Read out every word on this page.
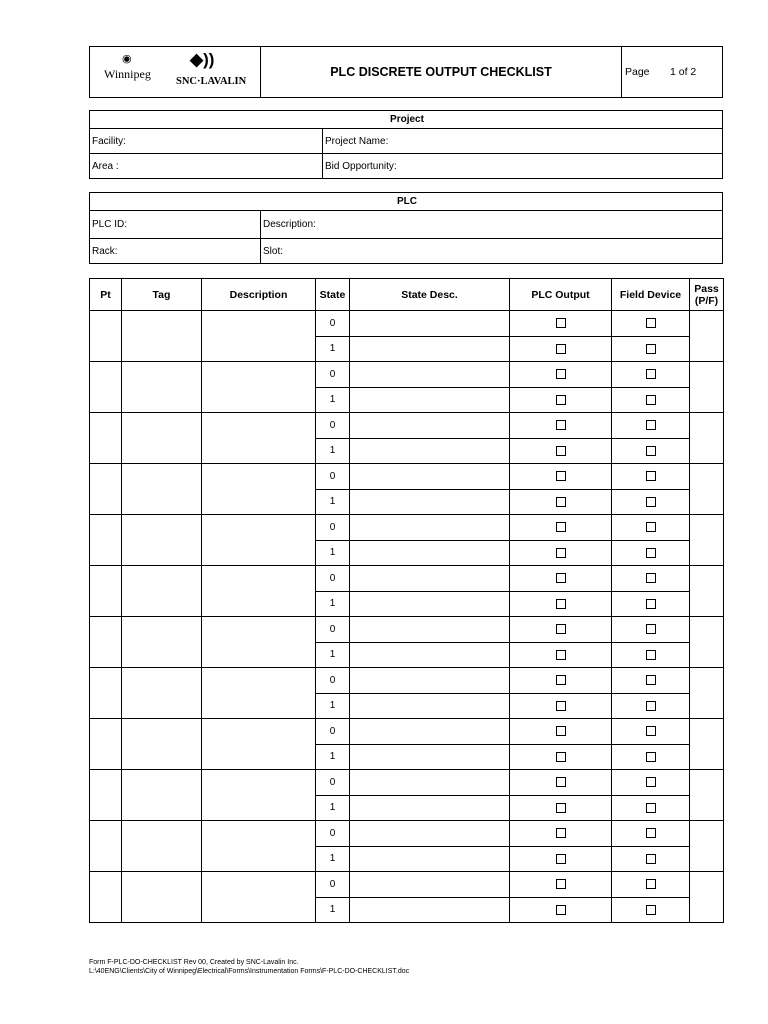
◉
Winnipeg
◆))
SNC·LAVALIN
	PLC DISCRETE OUTPUT CHECKLIST	Page 1 of 2
Project	
Facility:	Project Name:
Area :	Bid Opportunity:
PLC	
PLC ID:	Description:
Rack:	Slot:
Pt	Tag	Description	State	State Desc.	PLC Output	Field Device	Pass (P/F)
			0				
			1				
			0				
			1				
			0				
			1				
			0				
			1				
			0				
			1				
			0				
			1				
			0				
			1				
			0				
			1				
			0				
			1				
			0				
			1				
			0				
			1				
			0				
			1				
Form F-PLC-DO-CHECKLIST Rev 00, Created by SNC-Lavalin Inc.
L:\40ENG\Clients\City of Winnipeg\Electrical\Forms\Instrumentation Forms\F-PLC-DO-CHECKLIST.doc
